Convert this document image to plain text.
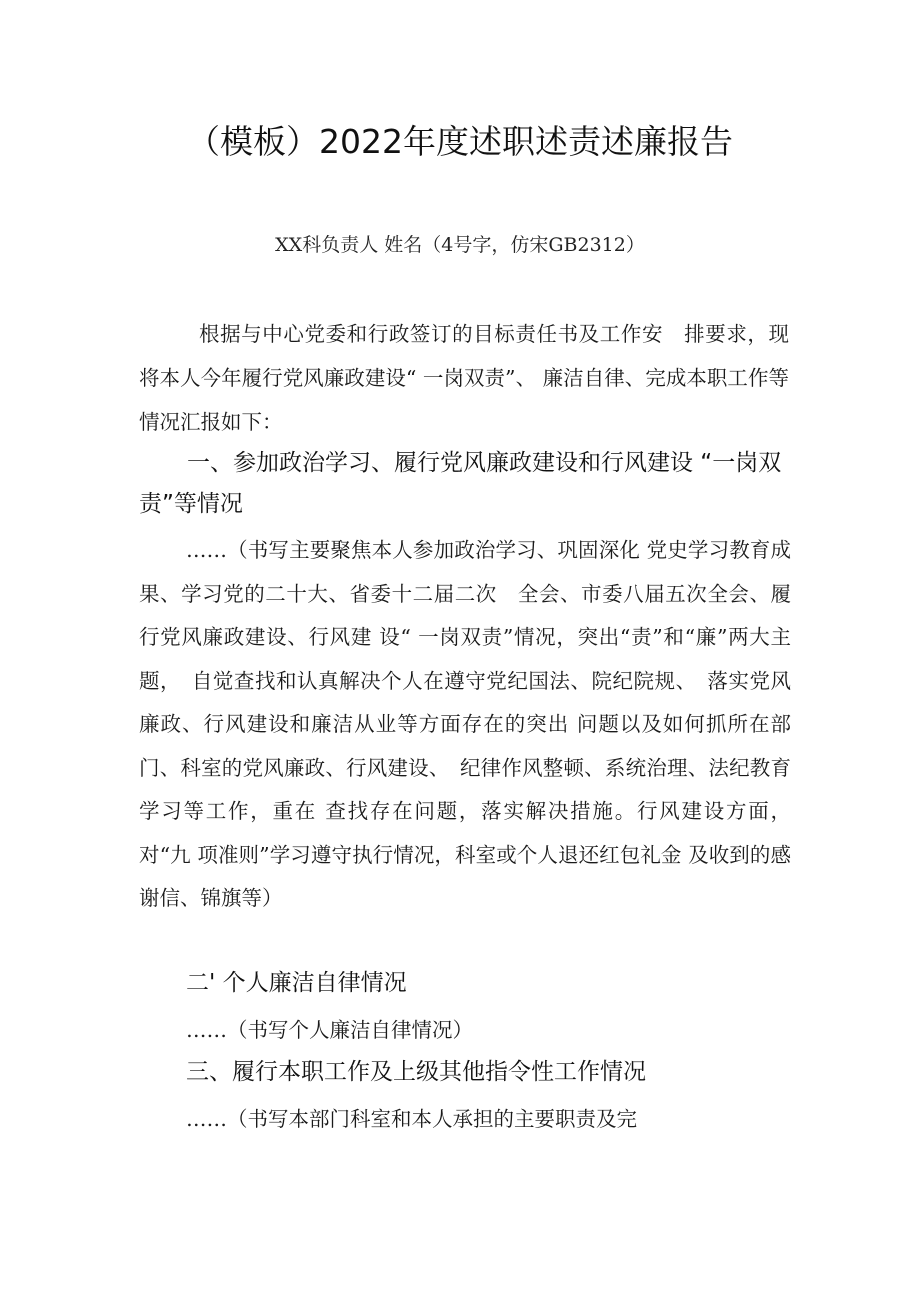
（模板）2022年度述职述责述廉报告
XX科负责人 姓名（4号字，仿宋GB2312）
根据与中心党委和行政签订的目标责任书及工作安　排要求，现将本人今年履行党风廉政建设“ 一岗双责”、 廉洁自律、完成本职工作等情况汇报如下：
一、参加政治学习、履行党风廉政建设和行风建设 “一岗双责”等情况
……（书写主要聚焦本人参加政治学习、巩固深化 党史学习教育成果、学习党的二十大、省委十二届二次　全会、市委八届五次全会、履行党风廉政建设、行风建 设“ 一岗双责”情况，突出“责”和“廉”两大主题，　自觉查找和认真解决个人在遵守党纪国法、院纪院规、　落实党风廉政、行风建设和廉洁从业等方面存在的突出 问题以及如何抓所在部门、科室的党风廉政、行风建设、　纪律作风整顿、系统治理、法纪教育学习等工作，重在 查找存在问题，落实解决措施。行风建设方面，对“九 项准则”学习遵守执行情况，科室或个人退还红包礼金 及收到的感谢信、锦旗等）
二' 个人廉洁自律情况
……（书写个人廉洁自律情况）
三、履行本职工作及上级其他指令性工作情况
……（书写本部门科室和本人承担的主要职责及完
